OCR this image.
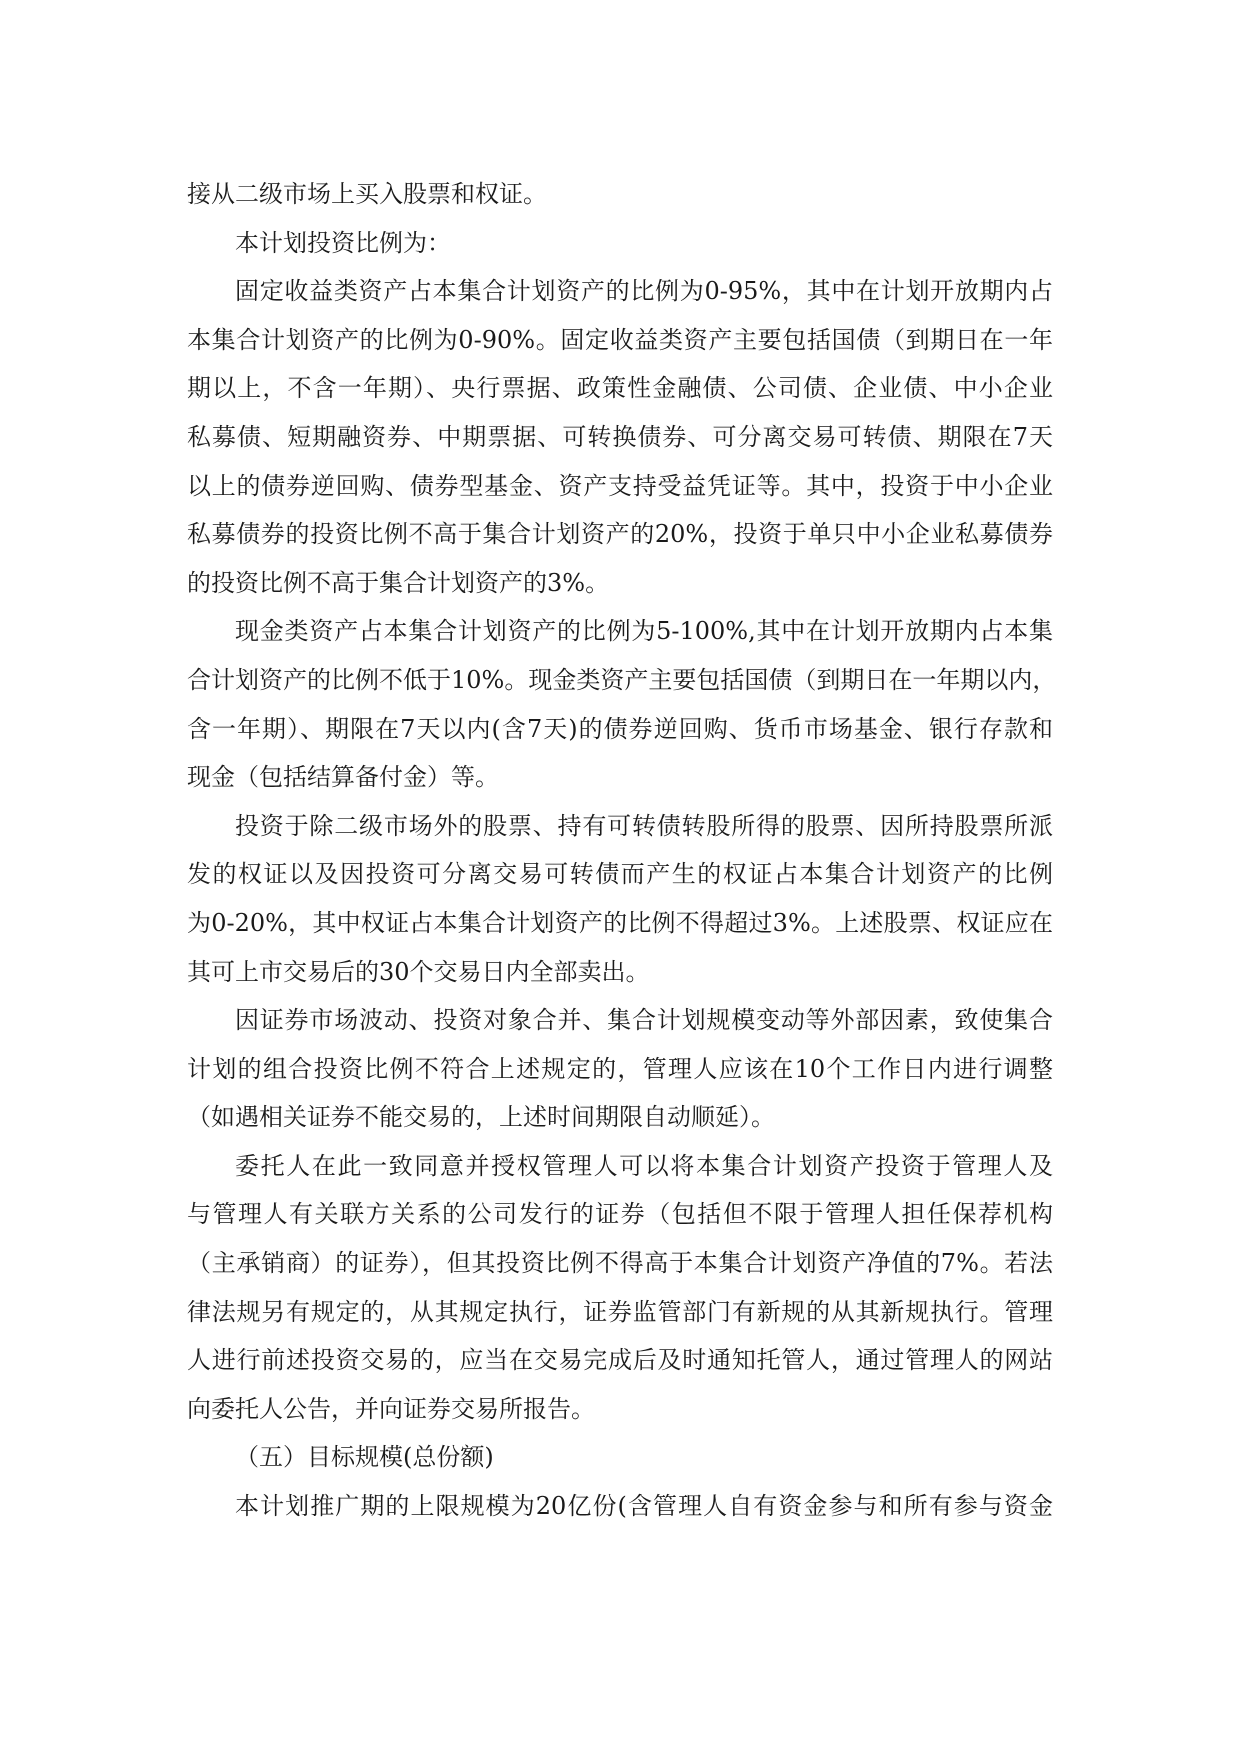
接从二级市场上买入股票和权证。
本计划投资比例为：
固定收益类资产占本集合计划资产的比例为0-95%，其中在计划开放期内占
本集合计划资产的比例为0-90%。固定收益类资产主要包括国债（到期日在一年
期以上，不含一年期）、央行票据、政策性金融债、公司债、企业债、中小企业
私募债、短期融资券、中期票据、可转换债券、可分离交易可转债、期限在7天
以上的债券逆回购、债券型基金、资产支持受益凭证等。其中，投资于中小企业
私募债券的投资比例不高于集合计划资产的20%，投资于单只中小企业私募债券
的投资比例不高于集合计划资产的3%。
现金类资产占本集合计划资产的比例为5-100%,其中在计划开放期内占本集
合计划资产的比例不低于10%。现金类资产主要包括国债（到期日在一年期以内，
含一年期）、期限在7天以内(含7天)的债券逆回购、货币市场基金、银行存款和
现金（包括结算备付金）等。
投资于除二级市场外的股票、持有可转债转股所得的股票、因所持股票所派
发的权证以及因投资可分离交易可转债而产生的权证占本集合计划资产的比例
为0-20%，其中权证占本集合计划资产的比例不得超过3%。上述股票、权证应在
其可上市交易后的30个交易日内全部卖出。
因证券市场波动、投资对象合并、集合计划规模变动等外部因素，致使集合
计划的组合投资比例不符合上述规定的，管理人应该在10个工作日内进行调整
（如遇相关证券不能交易的，上述时间期限自动顺延）。
委托人在此一致同意并授权管理人可以将本集合计划资产投资于管理人及
与管理人有关联方关系的公司发行的证券（包括但不限于管理人担任保荐机构
（主承销商）的证券），但其投资比例不得高于本集合计划资产净值的7%。若法
律法规另有规定的，从其规定执行，证券监管部门有新规的从其新规执行。管理
人进行前述投资交易的，应当在交易完成后及时通知托管人，通过管理人的网站
向委托人公告，并向证券交易所报告。
（五）目标规模(总份额)
本计划推广期的上限规模为20亿份(含管理人自有资金参与和所有参与资金
